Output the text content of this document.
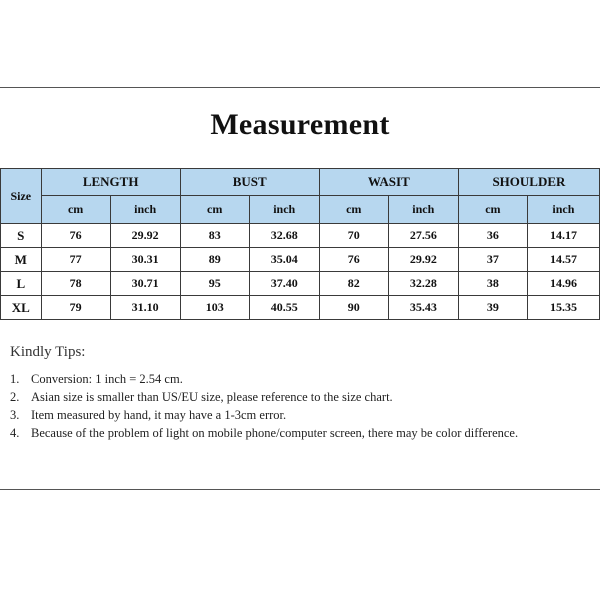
Measurement
Size	LENGTH		BUST		WASIT		SHOULDER	
	cm	inch	cm	inch	cm	inch	cm	inch
S	76	29.92	83	32.68	70	27.56	36	14.17
M	77	30.31	89	35.04	76	29.92	37	14.57
L	78	30.71	95	37.40	82	32.28	38	14.96
XL	79	31.10	103	40.55	90	35.43	39	15.35
Kindly Tips:
1. Conversion: 1 inch = 2.54 cm.
2. Asian size is smaller than US/EU size, please reference to the size chart.
3. Item measured by hand, it may have a 1-3cm error.
4. Because of the problem of light on mobile phone/computer screen, there may be color difference.
